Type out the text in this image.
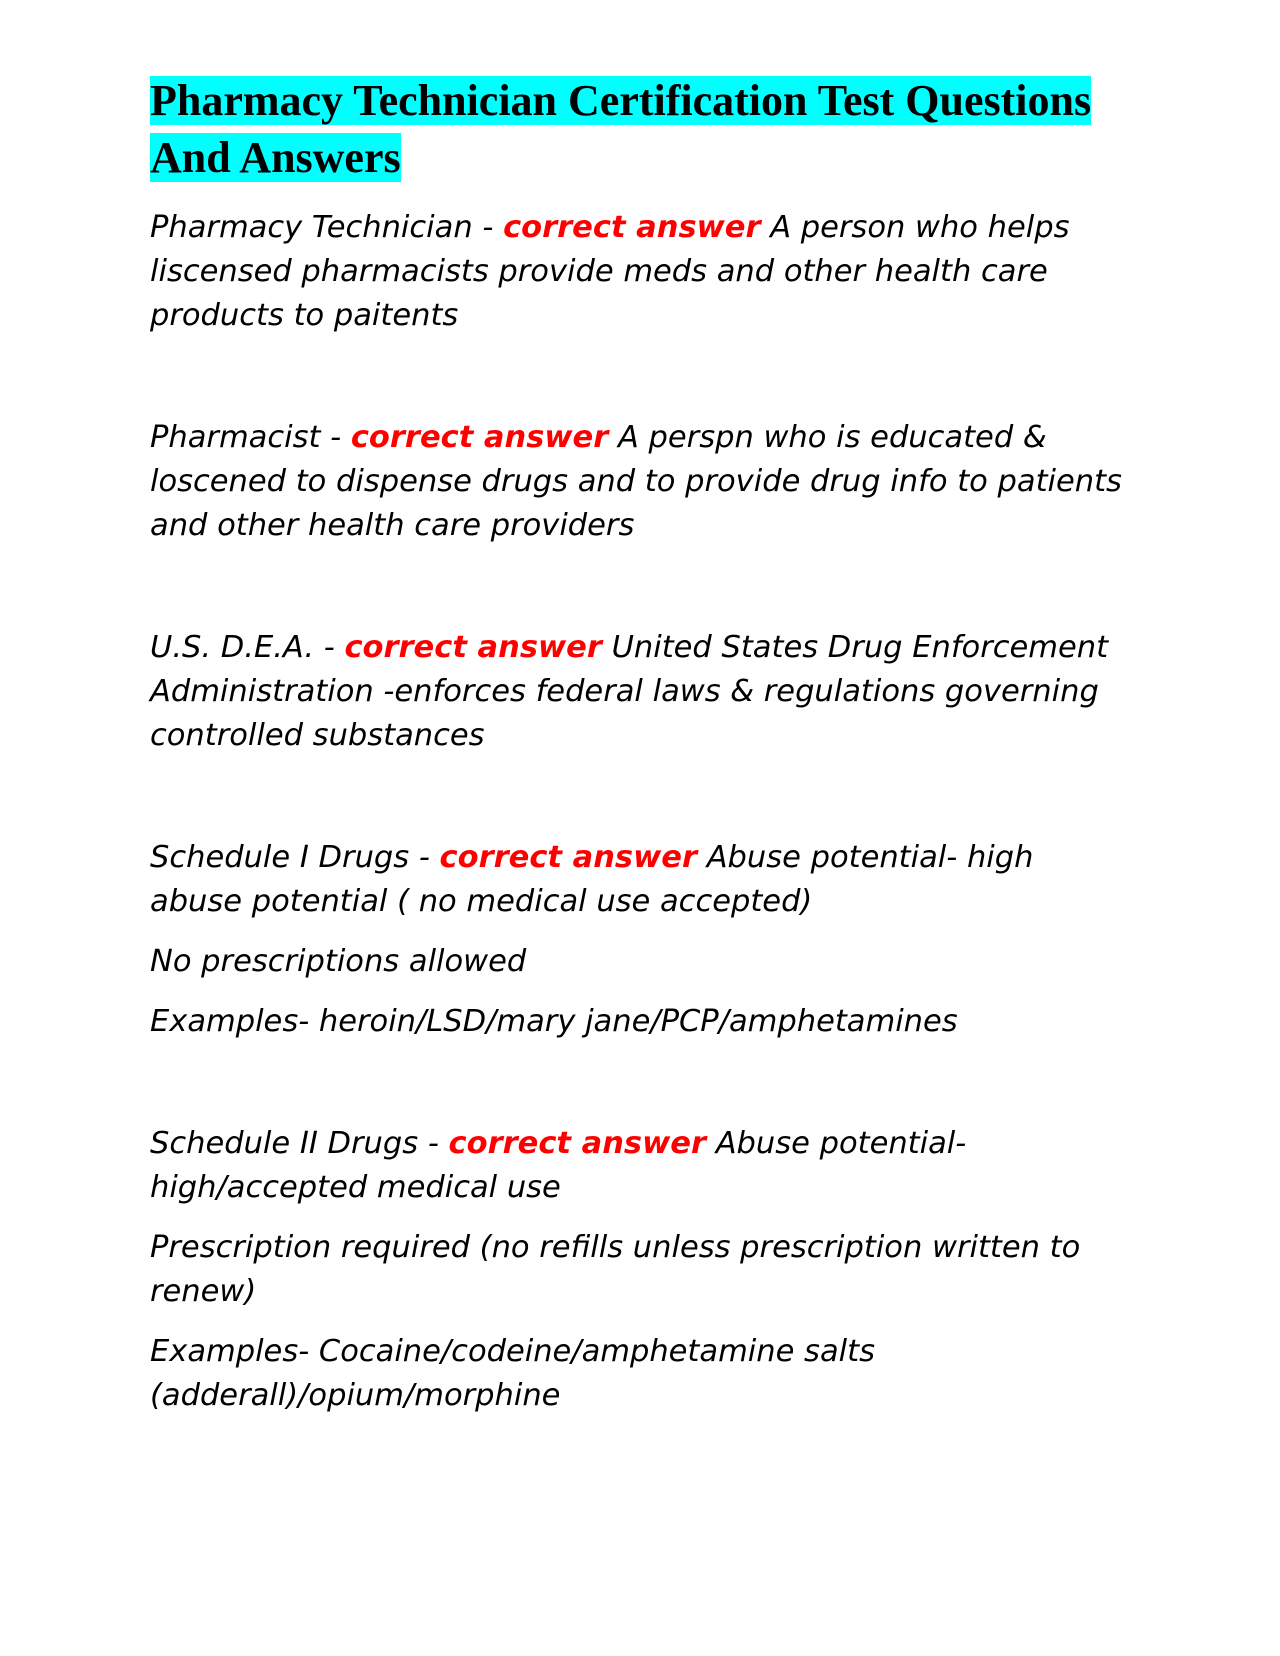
Pharmacy Technician Certification Test Questions And Answers

Pharmacy Technician - correct answer A person who helps liscensed pharmacists provide meds and other health care products to paitents

Pharmacist - correct answer A perspn who is educated & loscened to dispense drugs and to provide drug info to patients and other health care providers

U.S. D.E.A. - correct answer United States Drug Enforcement Administration -enforces federal laws & regulations governing controlled substances

Schedule I Drugs - correct answer Abuse potential- high abuse potential ( no medical use accepted)

No prescriptions allowed

Examples- heroin/LSD/mary jane/PCP/amphetamines

Schedule II Drugs - correct answer Abuse potential- high/accepted medical use

Prescription required (no refills unless prescription written to renew)

Examples- Cocaine/codeine/amphetamine salts (adderall)/opium/morphine
